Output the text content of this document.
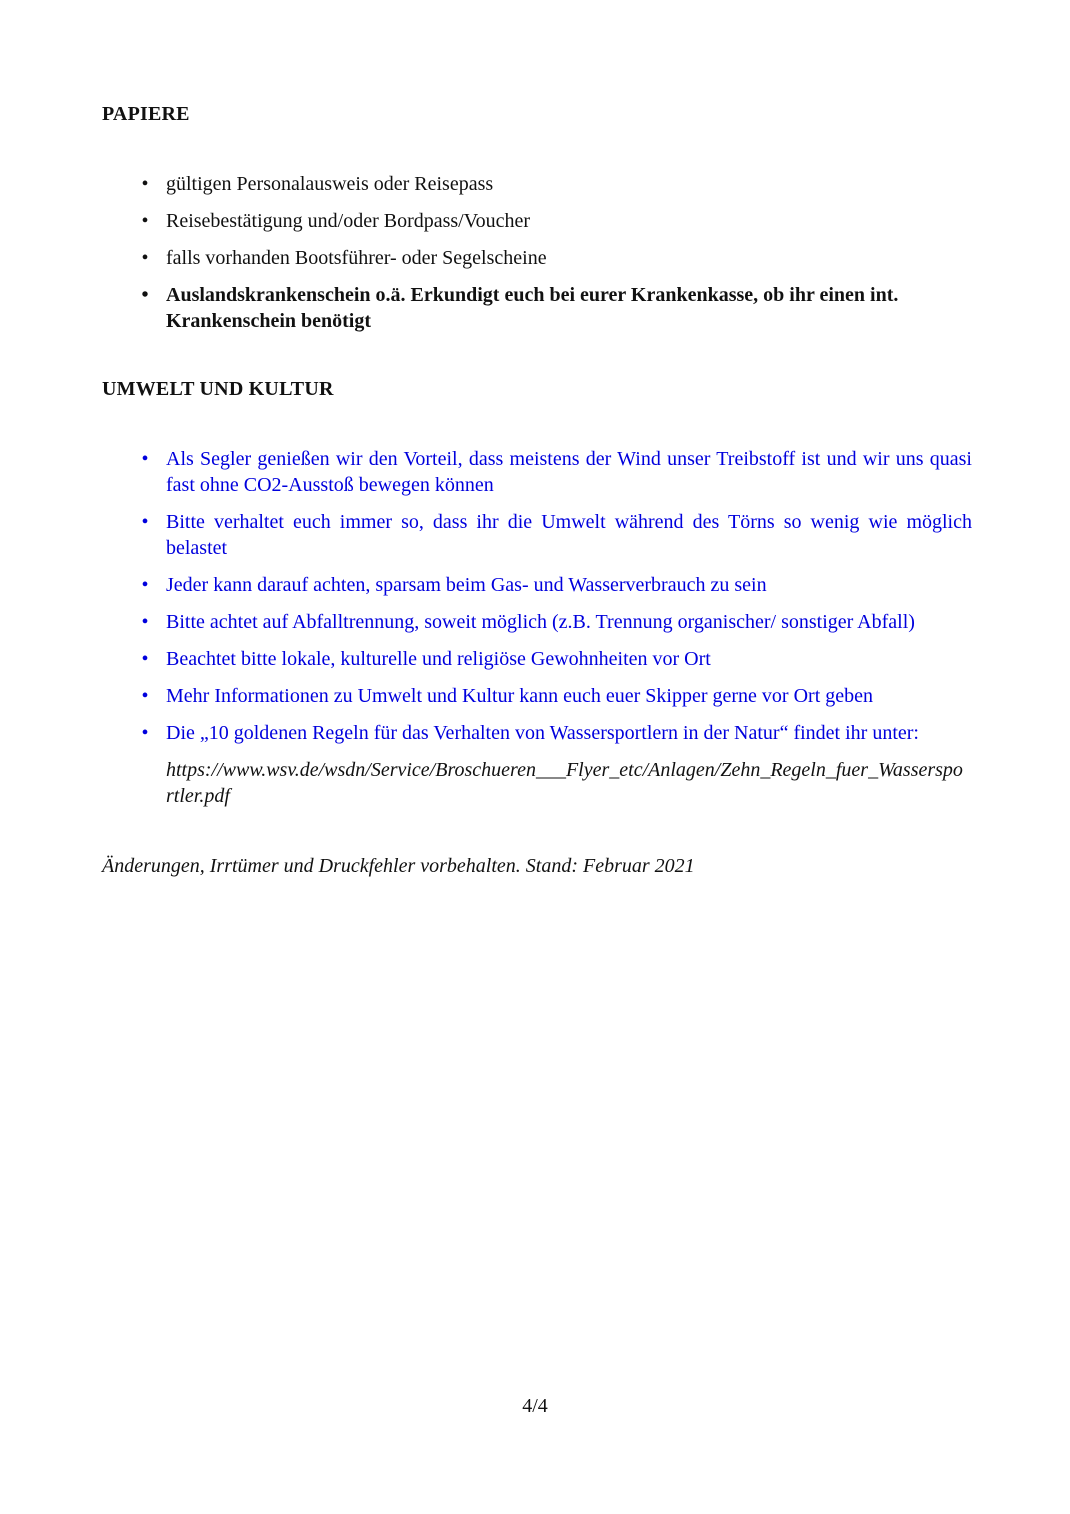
PAPIERE
• gültigen Personalausweis oder Reisepass
• Reisebestätigung und/oder Bordpass/Voucher
• falls vorhanden Bootsführer- oder Segelscheine
• Auslandskrankenschein o.ä. Erkundigt euch bei eurer Krankenkasse, ob ihr einen int. Krankenschein benötigt
UMWELT UND KULTUR
• Als Segler genießen wir den Vorteil, dass meistens der Wind unser Treibstoff ist und wir uns quasi fast ohne CO2-Ausstoß bewegen können
• Bitte verhaltet euch immer so, dass ihr die Umwelt während des Törns so wenig wie möglich belastet
• Jeder kann darauf achten, sparsam beim Gas- und Wasserverbrauch zu sein
• Bitte achtet auf Abfalltrennung, soweit möglich (z.B. Trennung organischer/ sonstiger Abfall)
• Beachtet bitte lokale, kulturelle und religiöse Gewohnheiten vor Ort
• Mehr Informationen zu Umwelt und Kultur kann euch euer Skipper gerne vor Ort geben
• Die „10 goldenen Regeln für das Verhalten von Wassersportlern in der Natur“ findet ihr unter:
https://www.wsv.de/wsdn/Service/Broschueren___Flyer_etc/Anlagen/Zehn_Regeln_fuer_Wassersportler.pdf
Änderungen, Irrtümer und Druckfehler vorbehalten. Stand: Februar 2021
4/4
